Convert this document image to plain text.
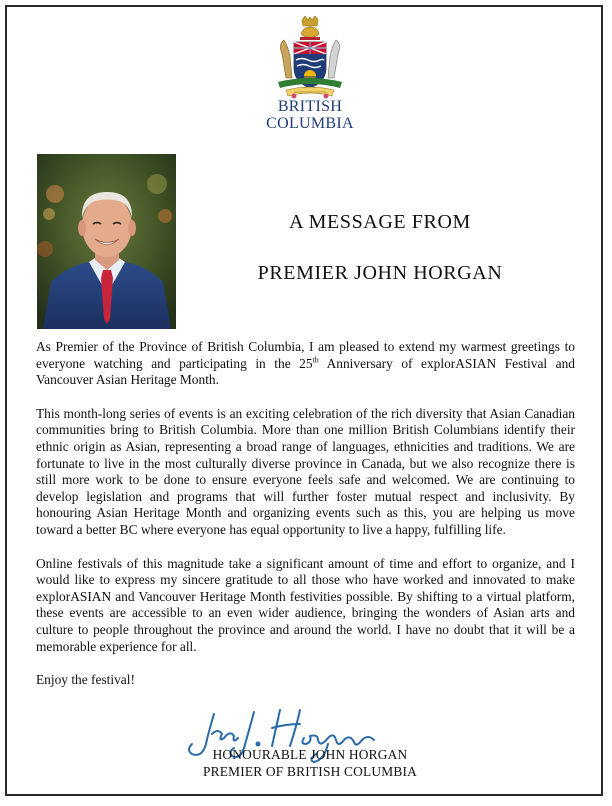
BRITISH
COLUMBIA
A MESSAGE FROM
PREMIER JOHN HORGAN

As Premier of the Province of British Columbia, I am pleased to extend my warmest greetings to everyone watching and participating in the 25th Anniversary of explorASIAN Festival and Vancouver Asian Heritage Month.

This month-long series of events is an exciting celebration of the rich diversity that Asian Canadian communities bring to British Columbia. More than one million British Columbians identify their ethnic origin as Asian, representing a broad range of languages, ethnicities and traditions. We are fortunate to live in the most culturally diverse province in Canada, but we also recognize there is still more work to be done to ensure everyone feels safe and welcomed. We are continuing to develop legislation and programs that will further foster mutual respect and inclusivity. By honouring Asian Heritage Month and organizing events such as this, you are helping us move toward a better BC where everyone has equal opportunity to live a happy, fulfilling life.

Online festivals of this magnitude take a significant amount of time and effort to organize, and I would like to express my sincere gratitude to all those who have worked and innovated to make explorASIAN and Vancouver Heritage Month festivities possible. By shifting to a virtual platform, these events are accessible to an even wider audience, bringing the wonders of Asian arts and culture to people throughout the province and around the world. I have no doubt that it will be a memorable experience for all.

Enjoy the festival!

HONOURABLE JOHN HORGAN
PREMIER OF BRITISH COLUMBIA
